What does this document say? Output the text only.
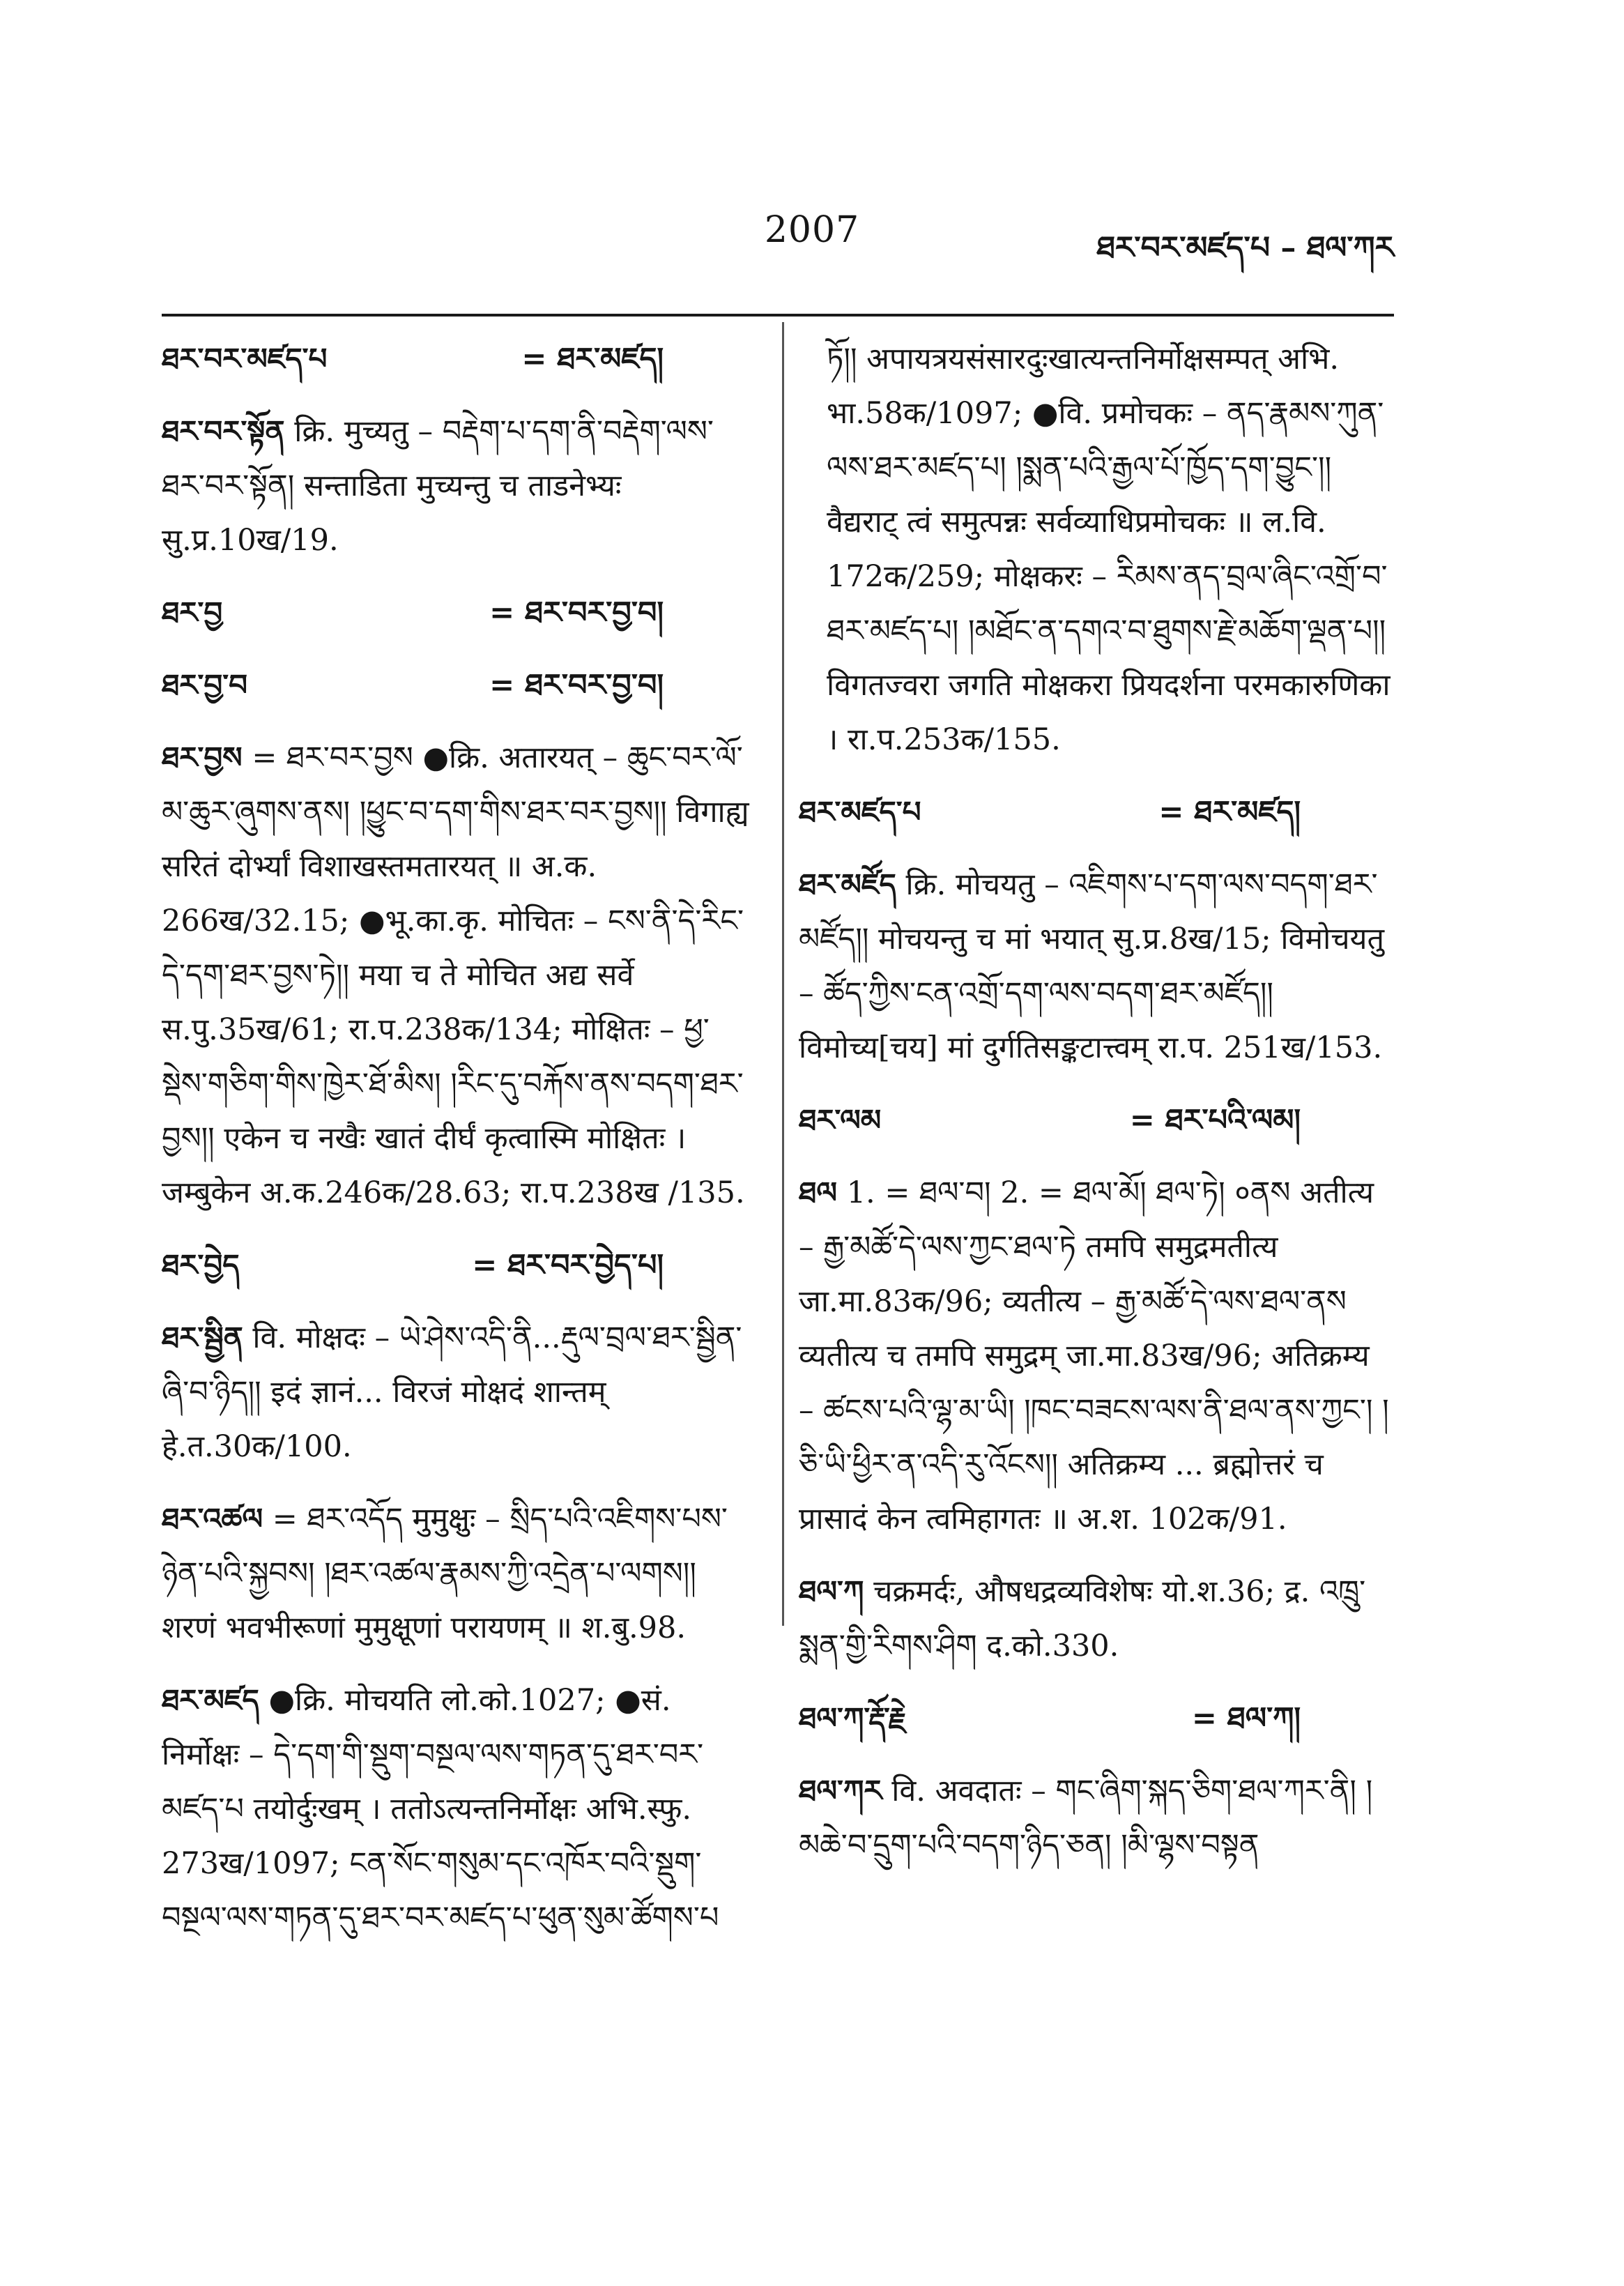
2007	ཐར་བར་མཛད་པ – ཐལ་ཀར

ཐར་བར་མཛད་པ	= ཐར་མཛད།

ཐར་བར་སྟོན क्रि. मुच्यतु – བརྡེག་པ་དག་ནི་བརྡེག་ལས་ཐར་བར་སྟོན། सन्ताडिता मुच्यन्तु च ताडनेभ्यः सु.प्र.10ख/19.

ཐར་བྱ	= ཐར་བར་བྱ་བ།

ཐར་བྱ་བ	= ཐར་བར་བྱ་བ།

ཐར་བྱས = ཐར་བར་བྱས ●क्रि. अतारयत् – ཆུང་བར་ལོ་མ་ཆུར་ཞུགས་ནས། །ཕྱུང་བ་དག་གིས་ཐར་བར་བྱས།། विगाह्य सरितं दोर्भ्यां विशाखस्तमतारयत् ॥ अ.क. 266ख/32.15; ●भू.का.कृ. मोचितः – ངས་ནི་དེ་རིང་དེ་དག་ཐར་བྱས་ཏེ།། मया च ते मोचित अद्य सर्वे स.पु.35ख/61; रा.प.238क/134; मोक्षितः – ཕྱ་སྡེས་གཅིག་གིས་ཁྱེར་ཐོ་མིས། །རིང་དུ་བརྐོས་ནས་བདག་ཐར་བྱས།། एकेन च नखैः खातं दीर्घं कृत्वास्मि मोक्षितः । जम्बुकेन अ.क.246क/28.63; रा.प.238ख /135.

ཐར་བྱེད	= ཐར་བར་བྱེད་པ།

ཐར་སྦྱིན वि. मोक्षदः – ཡེ་ཤེས་འདི་ནི...རྡུལ་བྲལ་ཐར་སྦྱིན་ཞི་བ་ཉིད།། इदं ज्ञानं... विरजं मोक्षदं शान्तम् हे.त.30क/100.

ཐར་འཚལ = ཐར་འདོད मुमुक्षुः – སྲིད་པའི་འཇིགས་པས་ཉེན་པའི་སྐྱབས། །ཐར་འཚལ་རྣམས་ཀྱི་འདྲེན་པ་ལགས།། शरणं भवभीरूणां मुमुक्षूणां परायणम् ॥ श.बु.98.

ཐར་མཛད ●क्रि. मोचयति लो.को.1027; ●सं. निर्मोक्षः – དེ་དག་གི་སྡུག་བསྔལ་ལས་གཏན་དུ་ཐར་བར་མཛད་པ तयोर्दुःखम् । ततोऽत्यन्तनिर्मोक्षः अभि.स्फु. 273ख/1097; ངན་སོང་གསུམ་དང་འཁོར་བའི་སྡུག་བསྔལ་ལས་གཏན་དུ་ཐར་བར་མཛད་པ་ཕུན་སུམ་ཚོགས་པ

ཏོ།། अपायत्रयसंसारदुःखात्यन्तनिर्मोक्षसम्पत् अभि. भा.58क/1097; ●वि. प्रमोचकः – ནད་རྣམས་ཀུན་ལས་ཐར་མཛད་པ། །སྨན་པའི་རྒྱལ་པོ་ཁྱོད་དག་བྱུང་།། वैद्यराट् त्वं समुत्पन्नः सर्वव्याधिप्रमोचकः ॥ ल.वि. 172क/259; मोक्षकरः – རིམས་ནད་བྲལ་ཞིང་འགྲོ་བ་ཐར་མཛད་པ། །མཐོང་ན་དགའ་བ་ཐུགས་རྗེ་མཆོག་ལྡན་པ།། विगतज्वरा जगति मोक्षकरा प्रियदर्शना परमकारुणिका । रा.प.253क/155.

ཐར་མཛད་པ	= ཐར་མཛད།

ཐར་མཛོད क्रि. मोचयतु – འཇིགས་པ་དག་ལས་བདག་ཐར་མཛོད།། मोचयन्तु च मां भयात् सु.प्र.8ख/15; विमोचयतु – ཚོད་ཀྱིས་ངན་འགྲོ་དག་ལས་བདག་ཐར་མཛོད།། विमोच्य[चय] मां दुर्गतिसङ्कटात्त्वम् रा.प. 251ख/153.

ཐར་ལམ	= ཐར་པའི་ལམ།

ཐལ 1. = ཐལ་བ། 2. = ཐལ་མོ། ཐལ་ཏེ། ०ནས अतीत्य – རྒྱ་མཚོ་དེ་ལས་ཀྱང་ཐལ་ཏེ तमपि समुद्रमतीत्य जा.मा.83क/96; व्यतीत्य – རྒྱ་མཚོ་དེ་ལས་ཐལ་ནས व्यतीत्य च तमपि समुद्रम् जा.मा.83ख/96; अतिक्रम्य – ཚངས་པའི་ལྷ་མ་ཡི། །ཁང་བཟངས་ལས་ནི་ཐལ་ནས་ཀྱང་། །ཅི་ཡི་ཕྱིར་ན་འདི་རུ་འོངས།། अतिक्रम्य ... ब्रह्मोत्तरं च प्रासादं केन त्वमिहागतः ॥ अ.श. 102क/91.

ཐལ་ཀ चक्रमर्दः, औषधद्रव्यविशेषः यो.श.36; द्र. འཁྲུ་སྨན་གྱི་རིགས་ཤིག द.को.330.

ཐལ་ཀ་རྡོ་རྗེ	= ཐལ་ཀ།

ཐལ་ཀར वि. अवदातः – གང་ཞིག་སྐད་ཅིག་ཐལ་ཀར་ནི། །མཆེ་བ་དྲུག་པའི་བདག་ཉིད་ཅན། །མི་ལྷས་བསྟན
